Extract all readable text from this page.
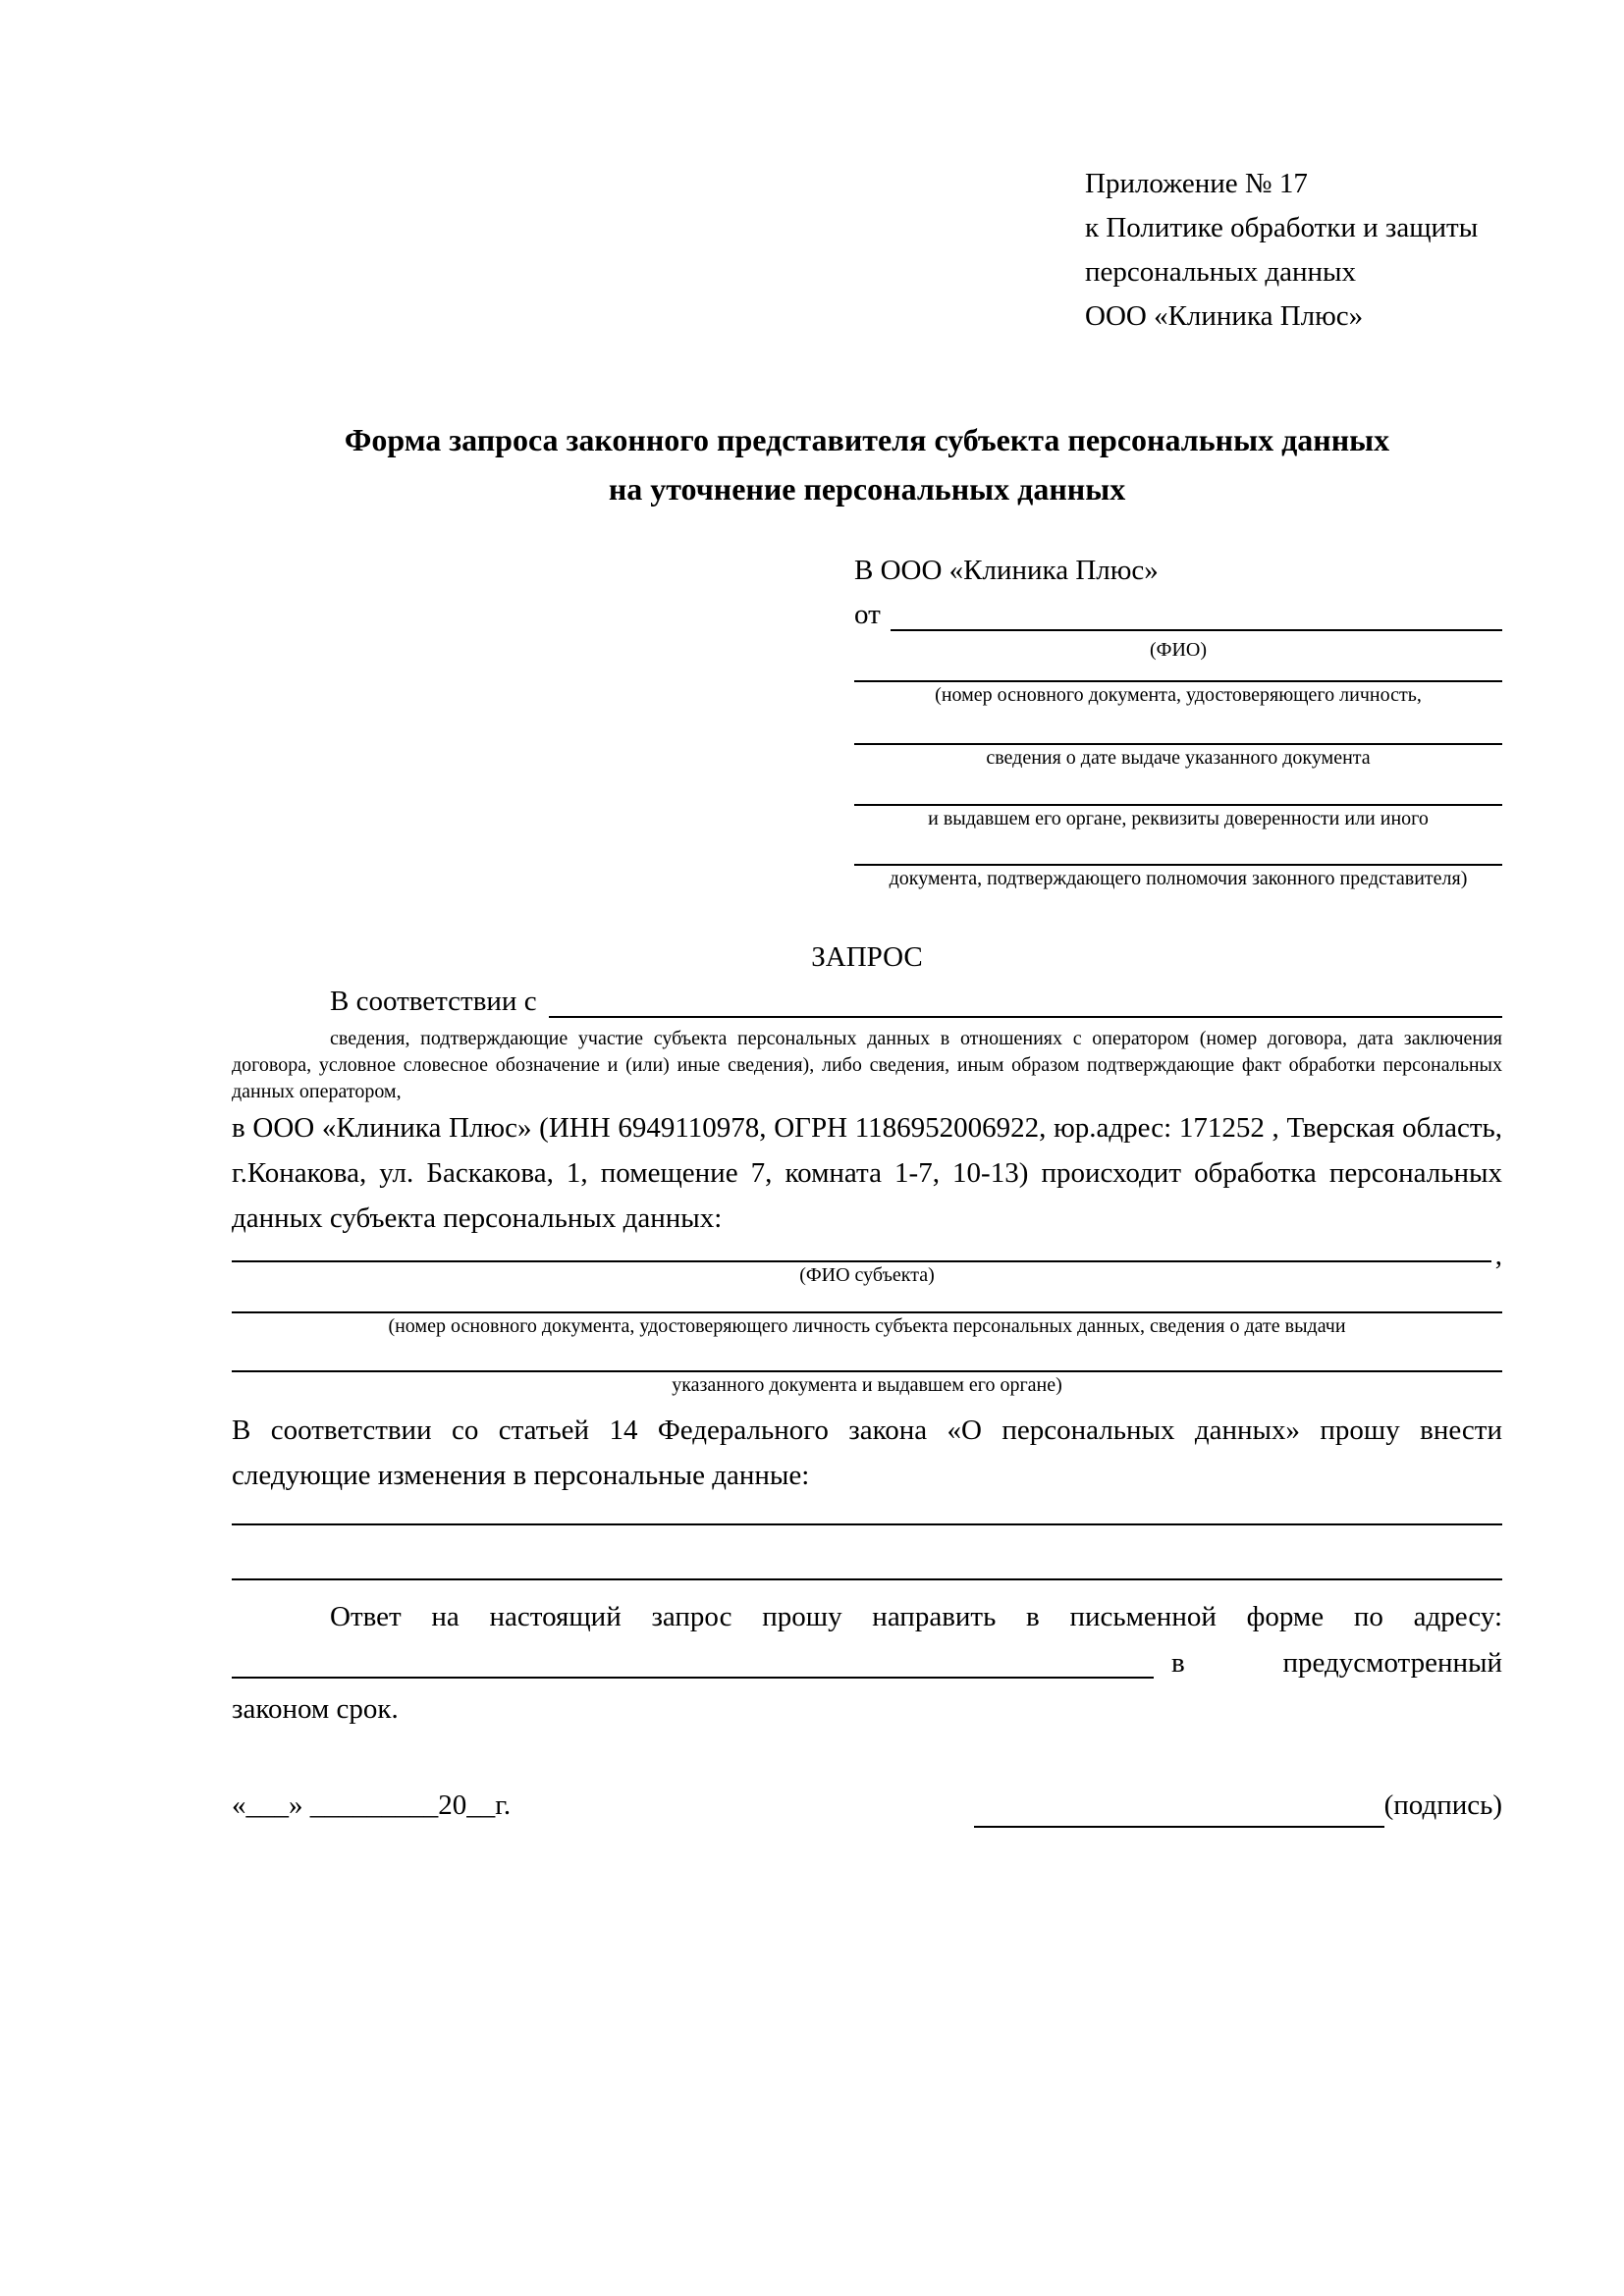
Приложение № 17
к Политике обработки и защиты
персональных данных
ООО «Клиника Плюс»
Форма запроса законного представителя субъекта персональных данных
на уточнение персональных данных
В ООО «Клиника Плюс»
от
(ФИО)
(номер основного документа, удостоверяющего личность,
сведения о дате выдаче указанного документа
и выдавшем его органе, реквизиты доверенности или иного
документа, подтверждающего полномочия законного представителя)
ЗАПРОС
В соответствии с
сведения, подтверждающие участие субъекта персональных данных в отношениях с оператором (номер договора, дата заключения договора, условное словесное обозначение и (или) иные сведения), либо сведения, иным образом подтверждающие факт обработки персональных данных оператором,
в ООО «Клиника Плюс» (ИНН 6949110978, ОГРН 1186952006922, юр.адрес: 171252 , Тверская область, г.Конакова, ул. Баскакова, 1, помещение 7, комната 1-7, 10-13) происходит обработка персональных данных субъекта персональных данных:
,
(ФИО субъекта)
(номер основного документа, удостоверяющего личность субъекта персональных данных, сведения о дате выдачи
указанного документа и выдавшем его органе)
В соответствии со статьей 14 Федерального закона «О персональных данных» прошу внести следующие изменения в персональные данные:
Ответ на настоящий запрос прошу направить в письменной форме по адресу:
в	предусмотренный
законом срок.
«___» _________20__г.	(подпись)
